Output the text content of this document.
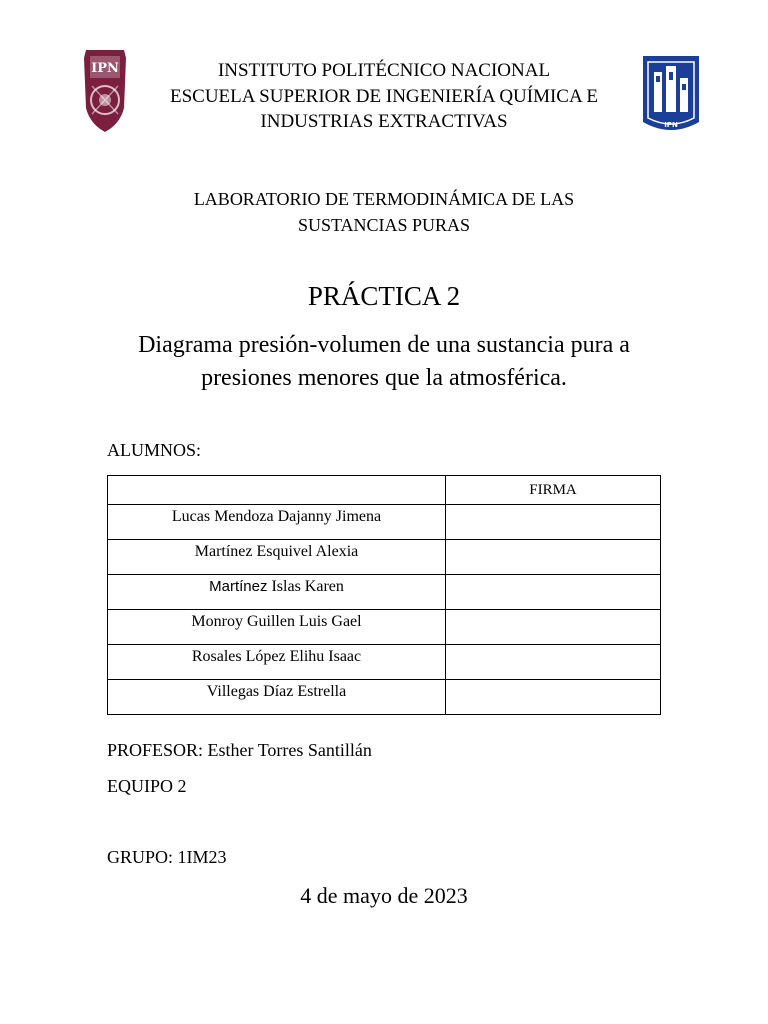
IPN
IPN
INSTITUTO POLITÉCNICO NACIONAL
ESCUELA SUPERIOR DE INGENIERÍA QUÍMICA E
INDUSTRIAS EXTRACTIVAS
LABORATORIO DE TERMODINÁMICA DE LAS
SUSTANCIAS PURAS
PRÁCTICA 2
Diagrama presión-volumen de una sustancia pura a
presiones menores que la atmosférica.
ALUMNOS:
	FIRMA
Lucas Mendoza Dajanny Jimena	
Martínez Esquivel Alexia	
Martínez Islas Karen	
Monroy Guillen Luis Gael	
Rosales López Elihu Isaac	
Villegas Díaz Estrella	
PROFESOR: Esther Torres Santillán
EQUIPO 2
GRUPO: 1IM23
4 de mayo de 2023
